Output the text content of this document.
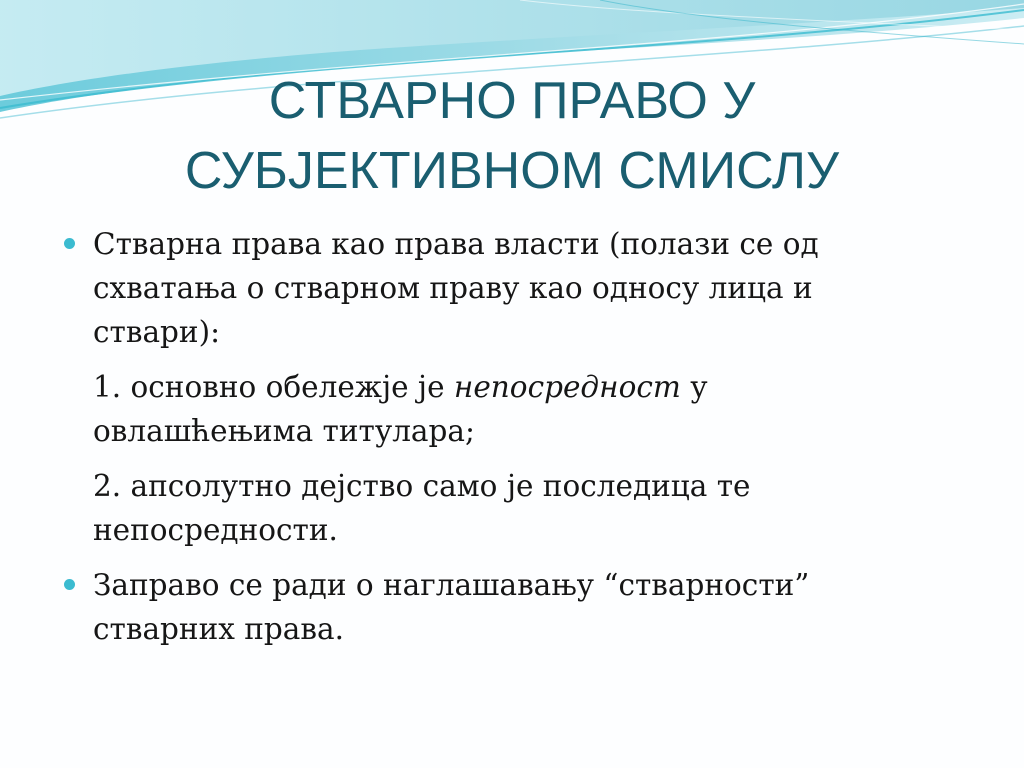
СТВАРНО ПРАВО У
СУБЈЕКТИВНОМ СМИСЛУ
Стварна права као права власти (полази се од
схватања о стварном праву као односу лица и
ствари):
1. основно обележје је непосредност у
овлашћењима титулара;
2. апсолутно дејство само је последица те
непосредности.
Заправо се ради о наглашавању “стварности”
стварних права.
